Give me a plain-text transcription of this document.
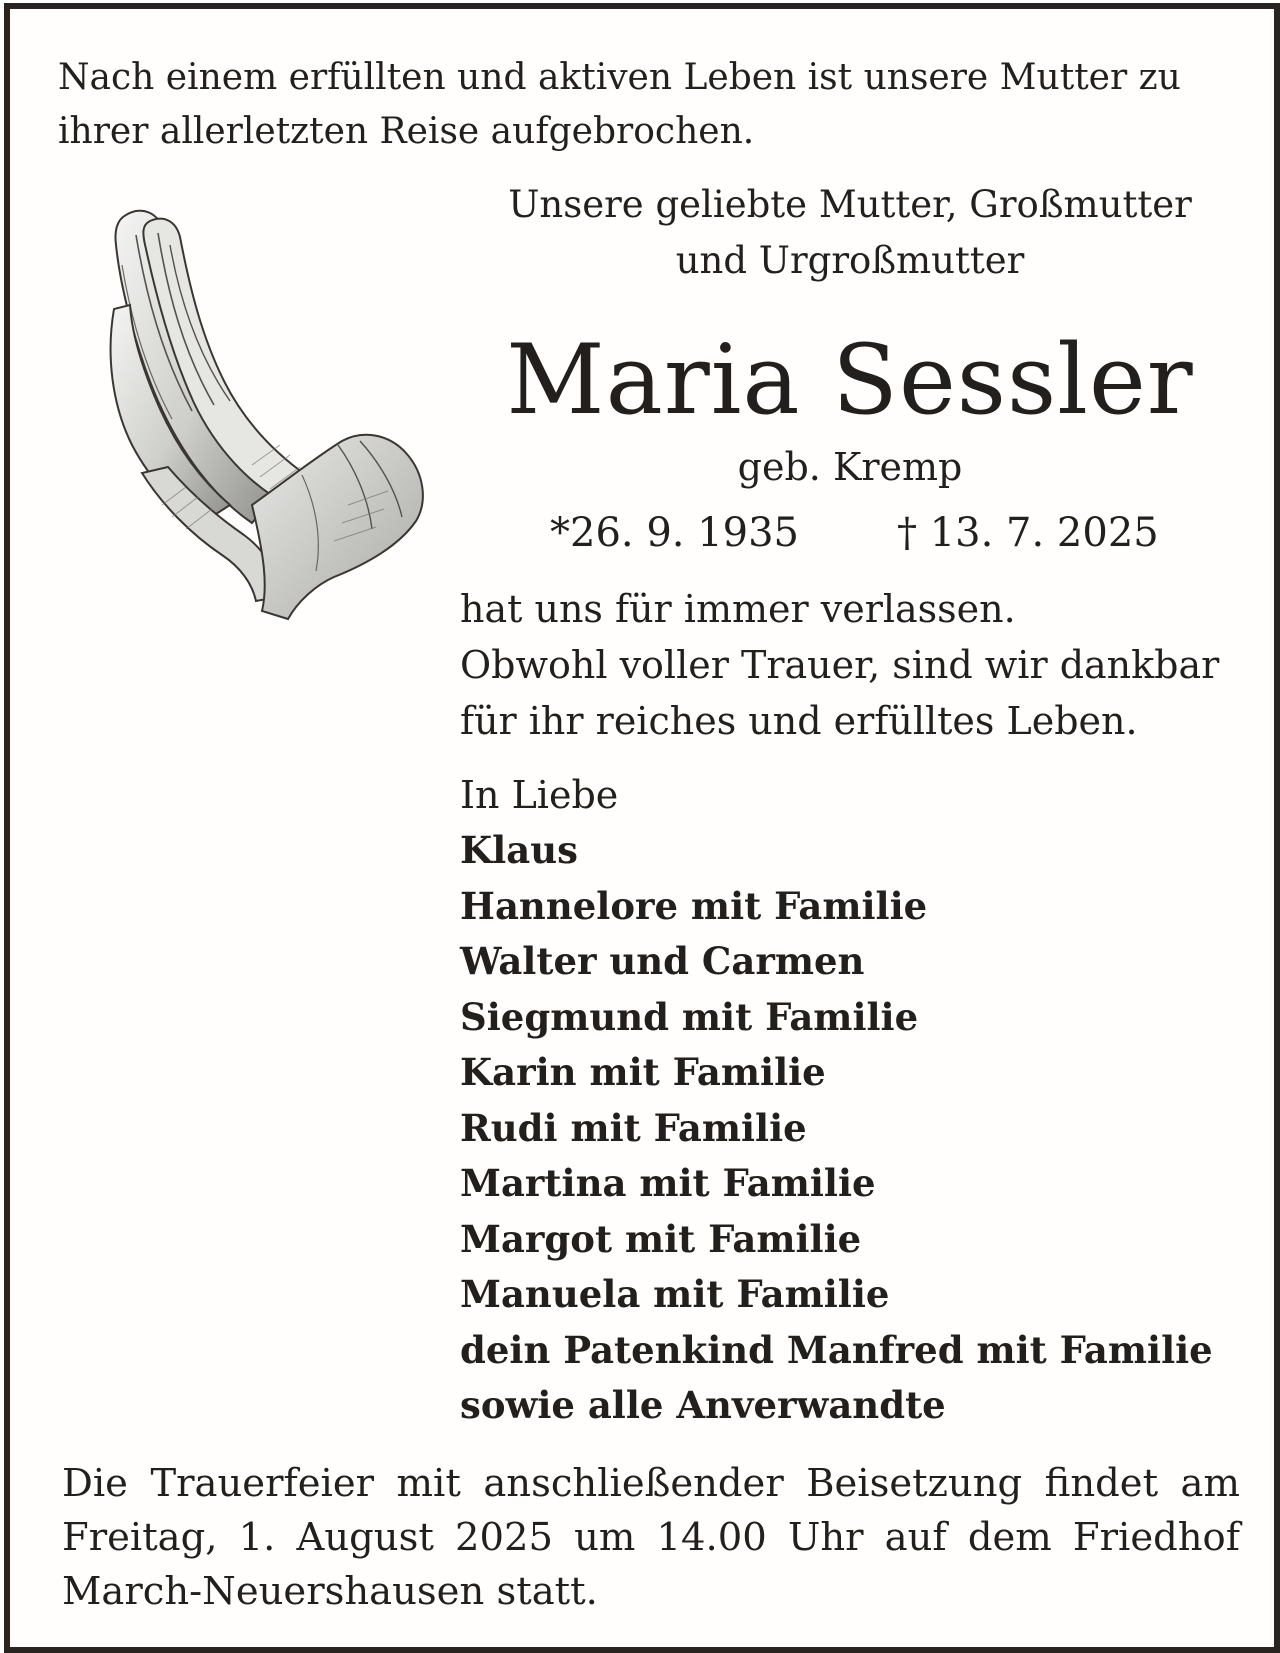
Nach einem erfüllten und aktiven Leben ist unsere Mutter zu ihrer allerletzten Reise aufgebrochen.
Unsere geliebte Mutter, Großmutter
und Urgroßmutter
Maria Sessler
geb. Kremp
*26. 9. 1935 † 13. 7. 2025
hat uns für immer verlassen.
Obwohl voller Trauer, sind wir dankbar
für ihr reiches und erfülltes Leben.
In Liebe
Klaus
Hannelore mit Familie
Walter und Carmen
Siegmund mit Familie
Karin mit Familie
Rudi mit Familie
Martina mit Familie
Margot mit Familie
Manuela mit Familie
dein Patenkind Manfred mit Familie
sowie alle Anverwandte
Die Trauerfeier mit anschließender Beisetzung findet am Freitag, 1. August 2025 um 14.00 Uhr auf dem Friedhof March-Neuershausen statt.
